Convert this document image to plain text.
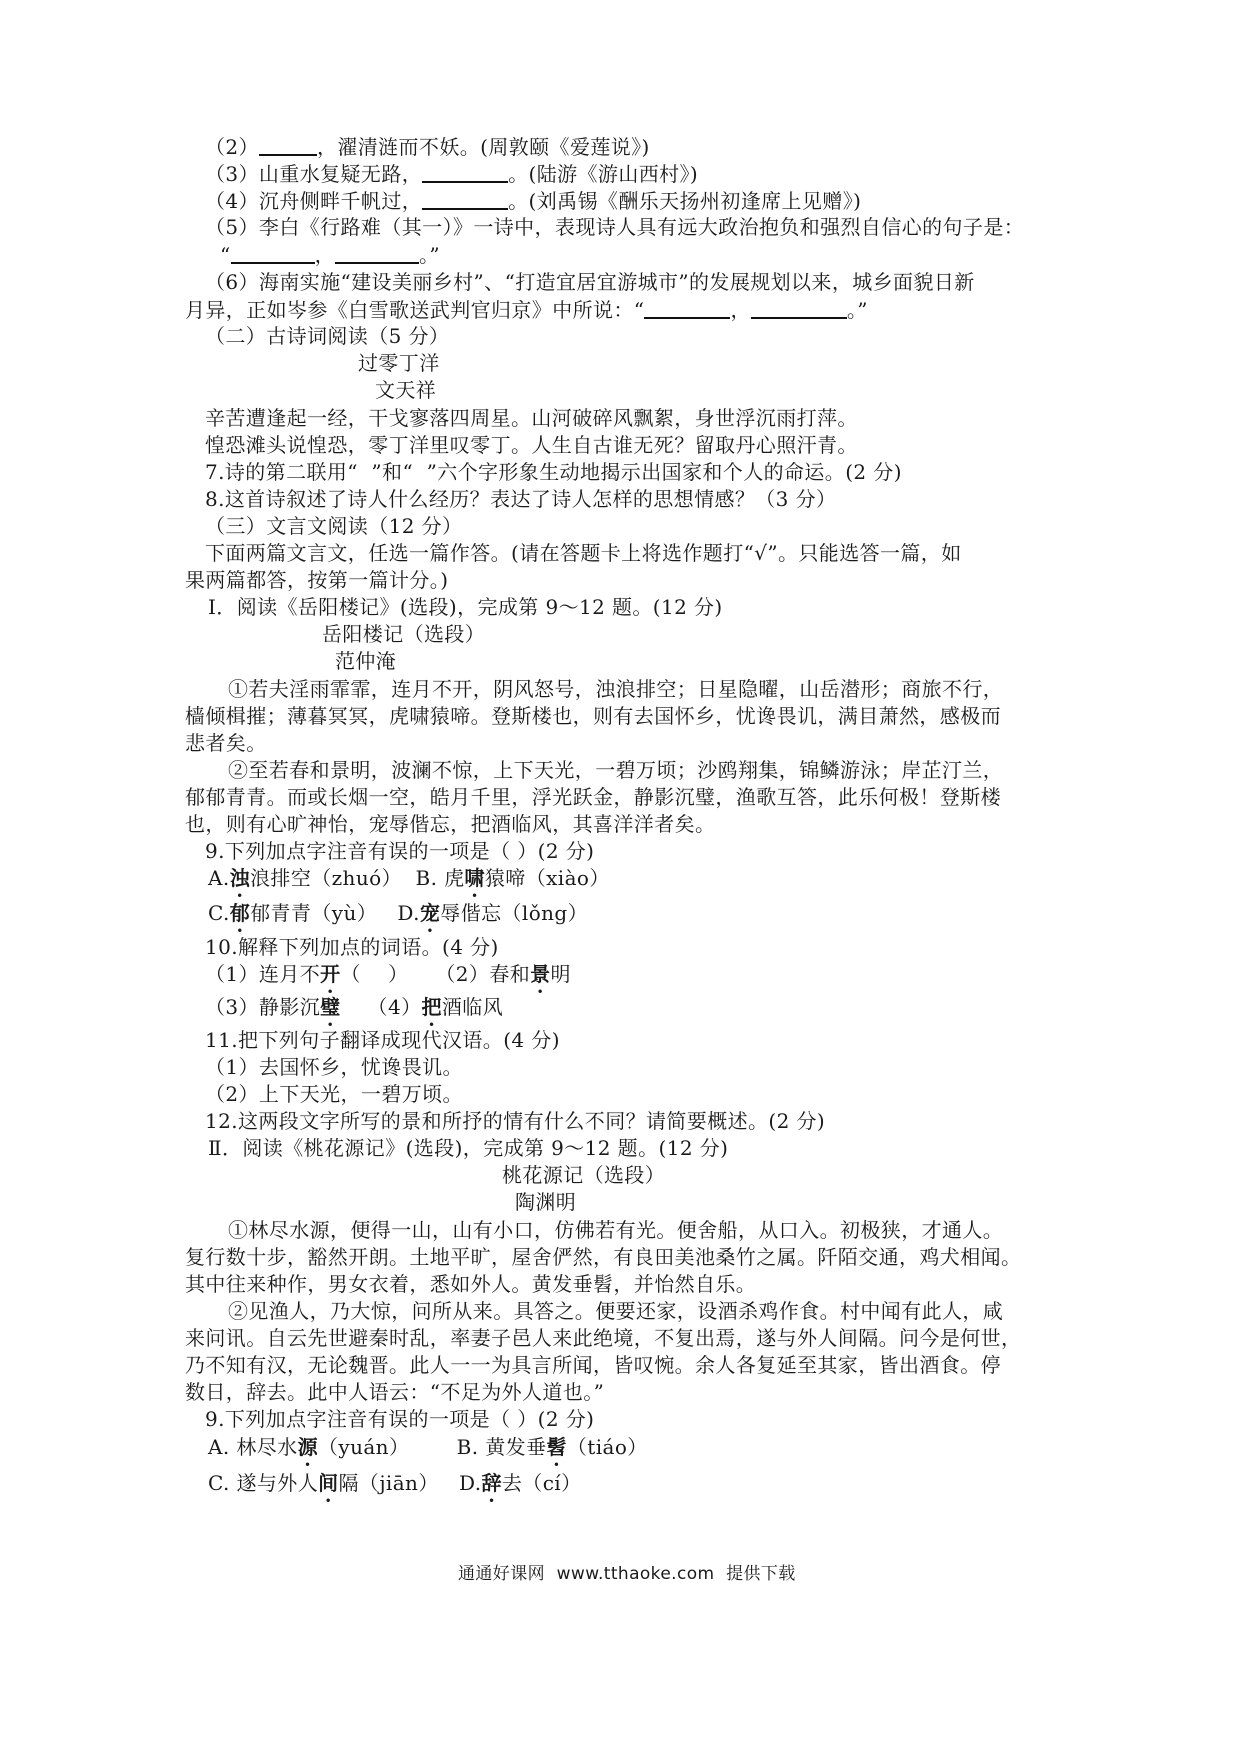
（2）	，濯清涟而不妖。(周敦颐《爱莲说》)
（3）山重水复疑无路，	。(陆游《游山西村》)
（4）沉舟侧畔千帆过，	。(刘禹锡《酬乐天扬州初逢席上见赠》)
（5）李白《行路难（其一）》一诗中，表现诗人具有远大政治抱负和强烈自信心的句子是：
“	，	。”
（6）海南实施“建设美丽乡村”、“打造宜居宜游城市”的发展规划以来，城乡面貌日新
月异，正如岑参《白雪歌送武判官归京》中所说：“	，	。”
（二）古诗词阅读（5 分）
过零丁洋
文天祥
辛苦遭逢起一经，干戈寥落四周星。山河破碎风飘絮，身世浮沉雨打萍。
惶恐滩头说惶恐，零丁洋里叹零丁。人生自古谁无死？留取丹心照汗青。
7.诗的第二联用“  ”和“  ”六个字形象生动地揭示出国家和个人的命运。(2 分)
8.这首诗叙述了诗人什么经历？表达了诗人怎样的思想情感？（3 分）
（三）文言文阅读（12 分）
下面两篇文言文，任选一篇作答。(请在答题卡上将选作题打“√”。只能选答一篇，如
果两篇都答，按第一篇计分。)
Ⅰ．阅读《岳阳楼记》(选段)，完成第 9～12 题。(12 分)
岳阳楼记（选段）
范仲淹
①若夫淫雨霏霏，连月不开，阴风怒号，浊浪排空；日星隐曜，山岳潜形；商旅不行，
樯倾楫摧；薄暮冥冥，虎啸猿啼。登斯楼也，则有去国怀乡，忧谗畏讥，满目萧然，感极而
悲者矣。
②至若春和景明，波澜不惊，上下天光，一碧万顷；沙鸥翔集，锦鳞游泳；岸芷汀兰，
郁郁青青。而或长烟一空，皓月千里，浮光跃金，静影沉璧，渔歌互答，此乐何极！登斯楼
也，则有心旷神怡，宠辱偕忘，把酒临风，其喜洋洋者矣。
9.下列加点字注音有误的一项是（ ）(2 分)
A.浊浪排空（zhuó）  B. 虎啸猿啼（xiào）
C.郁郁青青（yù）   D.宠辱偕忘（lǒng）
10.解释下列加点的词语。(4 分)
（1）连月不开（    ）    （2）春和景明
（3）静影沉璧    （4）把酒临风
11.把下列句子翻译成现代汉语。(4 分)
（1）去国怀乡，忧谗畏讥。
（2）上下天光，一碧万顷。
12.这两段文字所写的景和所抒的情有什么不同？请简要概述。(2 分)
Ⅱ．阅读《桃花源记》(选段)，完成第 9～12 题。(12 分)
桃花源记（选段）
陶渊明
①林尽水源，便得一山，山有小口，仿佛若有光。便舍船，从口入。初极狭，才通人。
复行数十步，豁然开朗。土地平旷，屋舍俨然，有良田美池桑竹之属。阡陌交通，鸡犬相闻。
其中往来种作，男女衣着，悉如外人。黄发垂髫，并怡然自乐。
②见渔人，乃大惊，问所从来。具答之。便要还家，设酒杀鸡作食。村中闻有此人，咸
来问讯。自云先世避秦时乱，率妻子邑人来此绝境，不复出焉，遂与外人间隔。问今是何世，
乃不知有汉，无论魏晋。此人一一为具言所闻，皆叹惋。余人各复延至其家，皆出酒食。停
数日，辞去。此中人语云：“不足为外人道也。”
9.下列加点字注音有误的一项是（ ）(2 分)
A. 林尽水源（yuán）       B. 黄发垂髫（tiáo）
C. 遂与外人间隔（jiān）   D.辞去（cí）
通通好课网  www.tthaoke.com  提供下载
